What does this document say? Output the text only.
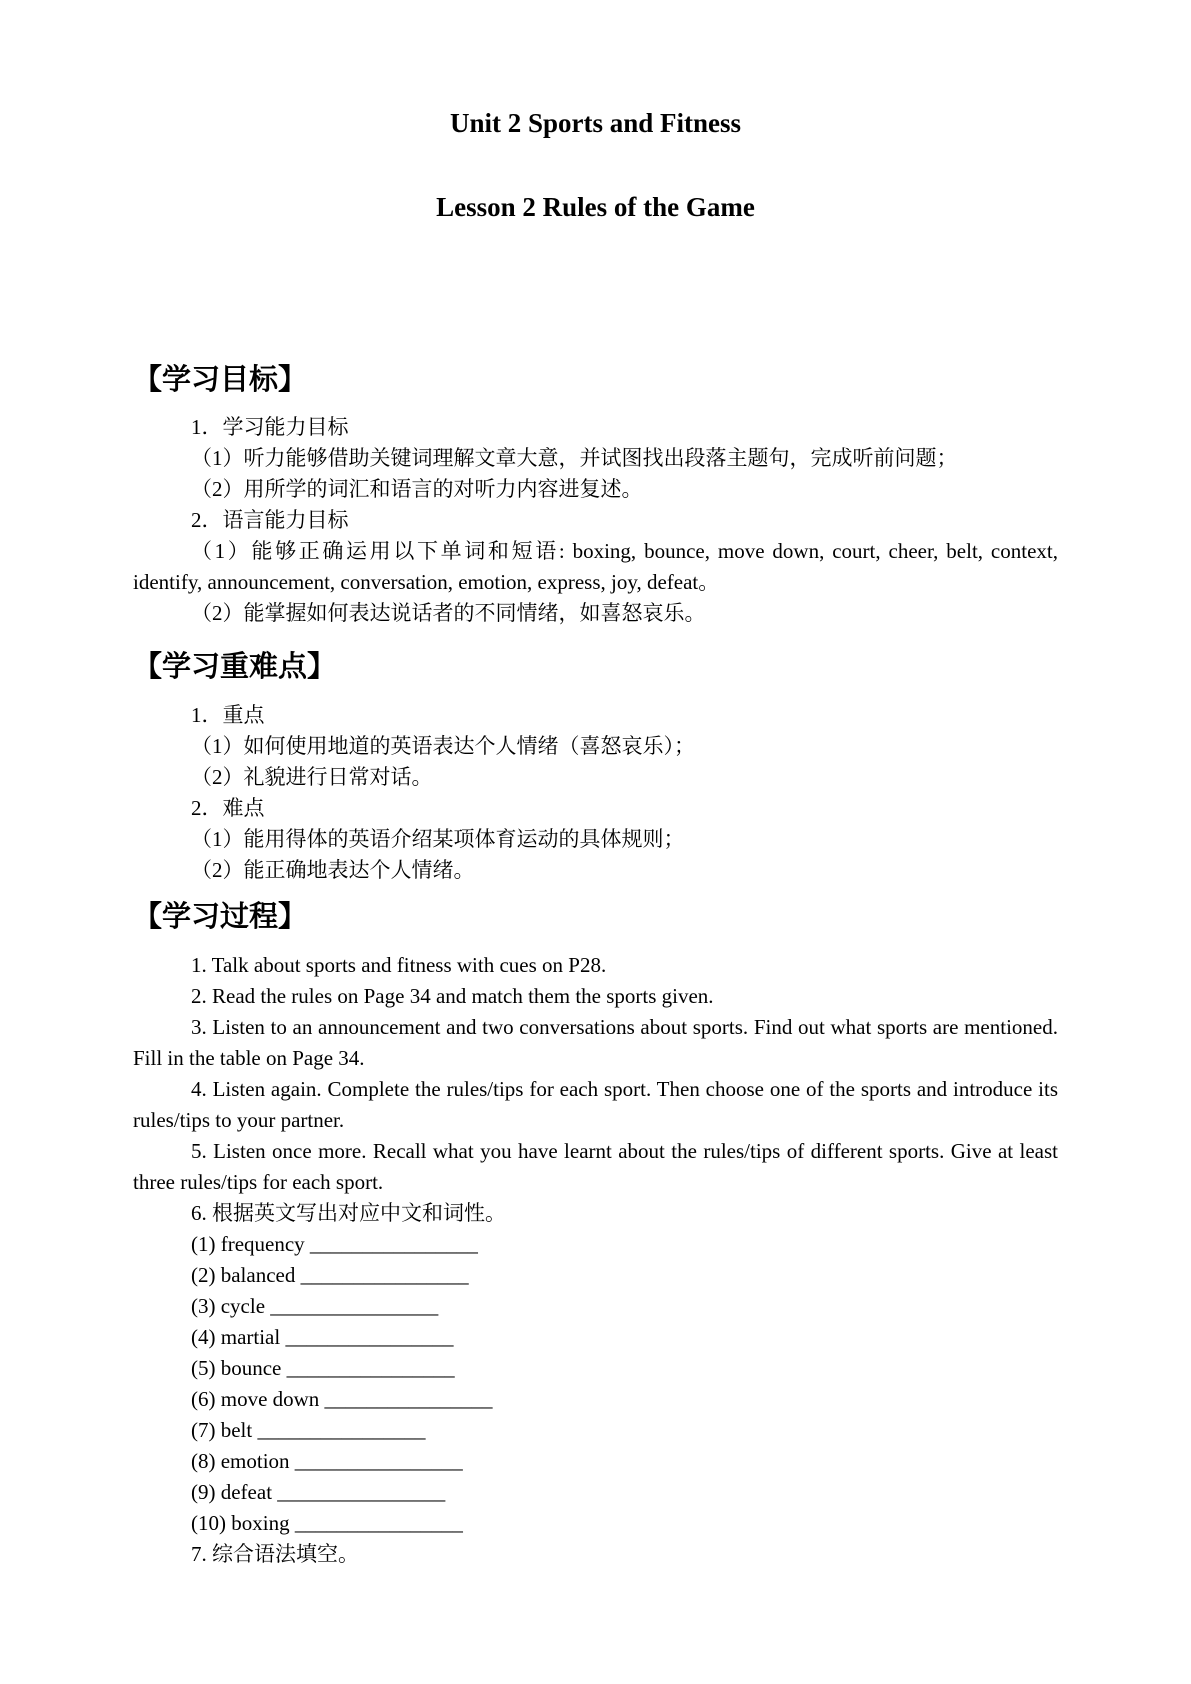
Unit 2 Sports and Fitness
Lesson 2 Rules of the Game
【学习目标】

1．学习能力目标

（1）听力能够借助关键词理解文章大意，并试图找出段落主题句，完成听前问题；

（2）用所学的词汇和语言的对听力内容进复述。

2．语言能力目标

（1）能够正确运用以下单词和短语: boxing, bounce, move down, court, cheer, belt, context, identify, announcement, conversation, emotion, express, joy, defeat。

（2）能掌握如何表达说话者的不同情绪，如喜怒哀乐。

【学习重难点】

1．重点

（1）如何使用地道的英语表达个人情绪（喜怒哀乐）；

（2）礼貌进行日常对话。

2．难点

（1）能用得体的英语介绍某项体育运动的具体规则；

（2）能正确地表达个人情绪。

【学习过程】

1. Talk about sports and fitness with cues on P28.

2. Read the rules on Page 34 and match them the sports given.

3. Listen to an announcement and two conversations about sports. Find out what sports are mentioned. Fill in the table on Page 34.

4. Listen again. Complete the rules/tips for each sport. Then choose one of the sports and introduce its rules/tips to your partner.

5. Listen once more. Recall what you have learnt about the rules/tips of different sports. Give at least three rules/tips for each sport.

6. 根据英文写出对应中文和词性。

(1) frequency ________________

(2) balanced ________________

(3) cycle ________________

(4) martial ________________

(5) bounce ________________

(6) move down ________________

(7) belt ________________

(8) emotion ________________

(9) defeat ________________

(10) boxing ________________

7. 综合语法填空。
